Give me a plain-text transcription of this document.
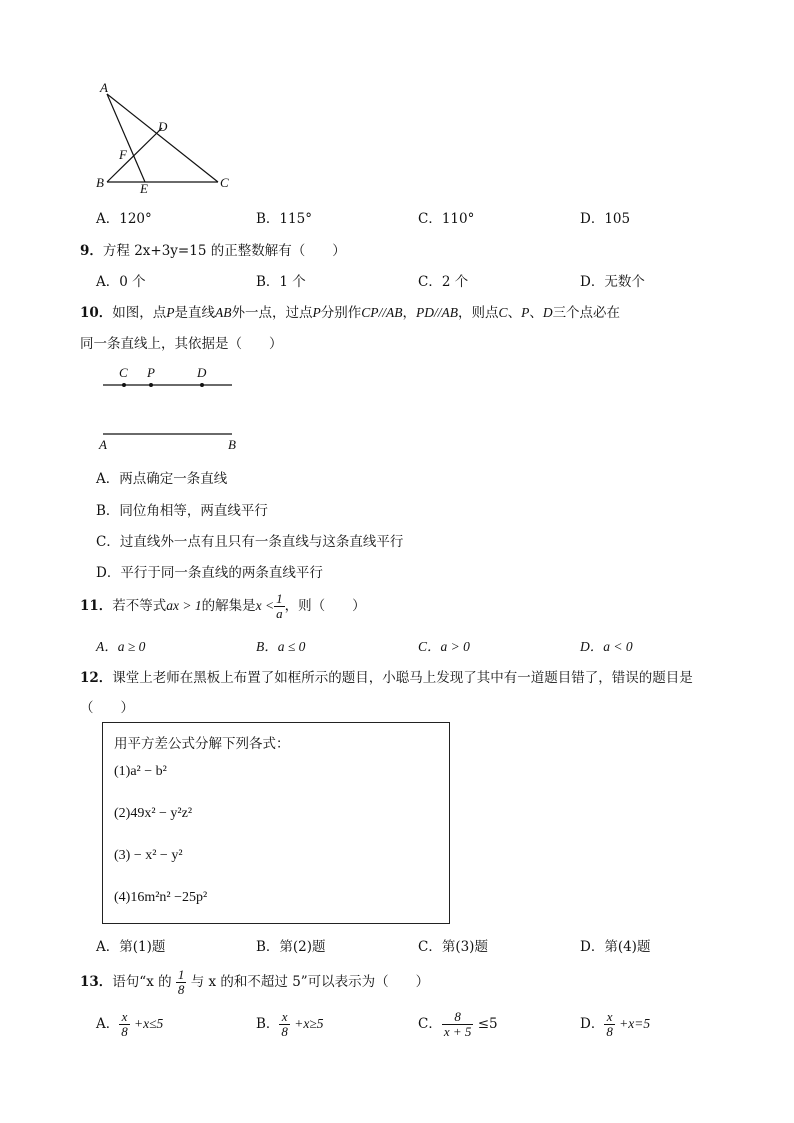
A
D
F
B	E	C
A．120°	B．115°	C．110°	D．105
9．方程 2x+3y=15 的正整数解有（　　）
A．0 个	B．1 个	C．2 个	D．无数个
10．如图，点P是直线AB外一点，过点P分别作CP//AB，PD//AB，则点C、P、D三个点必在
同一条直线上，其依据是（　　）
C P	D
A	B
A．两点确定一条直线
B．同位角相等，两直线平行
C．过直线外一点有且只有一条直线与这条直线平行
D．平行于同一条直线的两条直线平行
11．若不等式ax > 1的解集是$x < \frac{1}{a}$ ，则（　　）
A．a ≥ 0	B．a ≤ 0	C．a > 0	D．a < 0
12．课堂上老师在黑板上布置了如框所示的题目，小聪马上发现了其中有一道题目错了，错误的题目是
（　　）
用平方差公式分解下列各式：
(1)a² − b²
(2)49x² − y²z²
(3) − x² − y²
(4)16m²n² −25p²
A．第(1)题	B．第(2)题	C．第(3)题	D．第(4)题
13．语句“x 的 $\frac{1}{8}$ 与 x 的和不超过 5”可以表示为（　　）
A． $\frac{x}{8} +x\le 5$	B． $\frac{x}{8} +x\ge 5$	C． $\frac{8}{x + 5} \le 5$	D． $\frac{x}{8} +x=5$
